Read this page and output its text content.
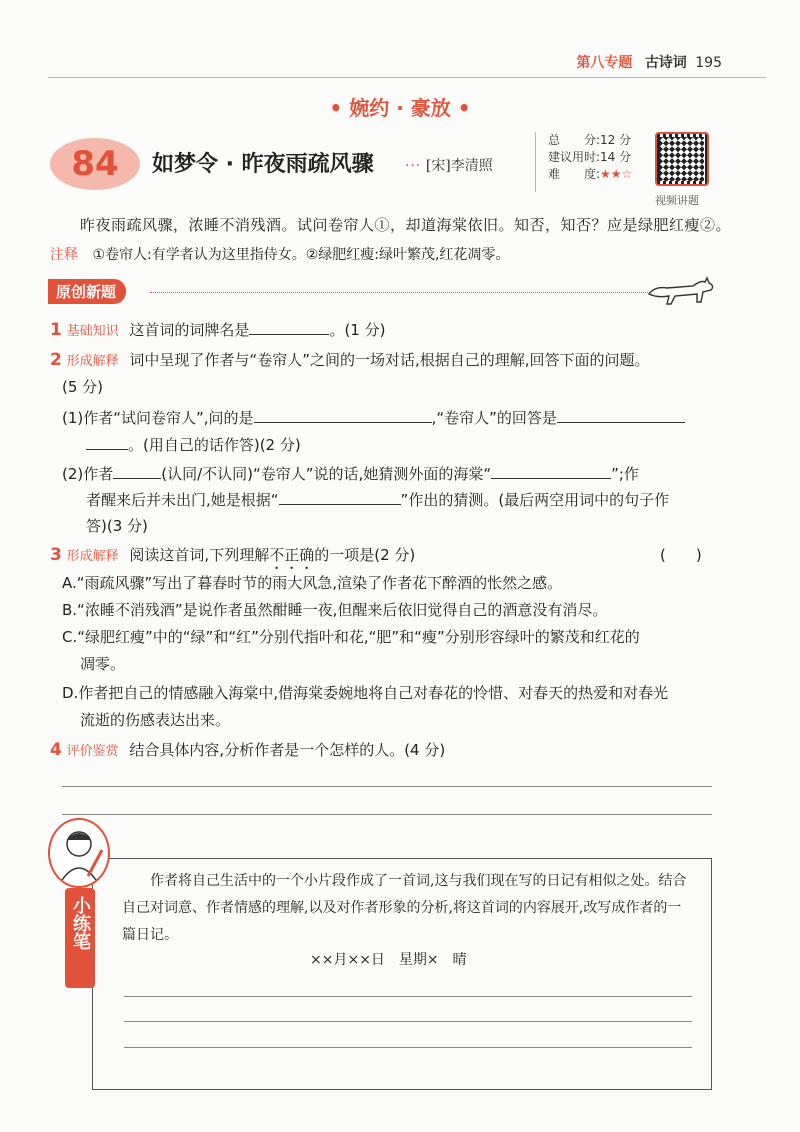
第八专题 古诗词 195
• 婉约 · 豪放 •
84	如梦令 · 昨夜雨疏风骤 ··· [宋]李清照
总　　分:12 分
建议用时:14 分
难　　度:★★☆
视频讲题
昨夜雨疏风骤，浓睡不消残酒。试问卷帘人①，却道海棠依旧。知否，知否？应是绿肥红瘦②。
注释 ①卷帘人:有学者认为这里指侍女。②绿肥红瘦:绿叶繁茂,红花凋零。
原创新题
1 基础知识 这首词的词牌名是	。(1 分)
2 形成解释 词中呈现了作者与“卷帘人”之间的一场对话,根据自己的理解,回答下面的问题。
(5 分)
(1)作者“试问卷帘人”,问的是	,“卷帘人”的回答是
。(用自己的话作答)(2 分)
(2)作者	(认同/不认同)“卷帘人”说的话,她猜测外面的海棠“	”;作
者醒来后并未出门,她是根据“	”作出的猜测。(最后两空用词中的句子作
答)(3 分)
3 形成解释 阅读这首词,下列理解不正确的一项是(2 分)	(　　)
A.“雨疏风骤”写出了暮春时节的雨大风急,渲染了作者花下醉酒的怅然之感。
B.“浓睡不消残酒”是说作者虽然酣睡一夜,但醒来后依旧觉得自己的酒意没有消尽。
C.“绿肥红瘦”中的“绿”和“红”分别代指叶和花,“肥”和“瘦”分别形容绿叶的繁茂和红花的
凋零。
D.作者把自己的情感融入海棠中,借海棠委婉地将自己对春花的怜惜、对春天的热爱和对春光
流逝的伤感表达出来。
4 评价鉴赏 结合具体内容,分析作者是一个怎样的人。(4 分)
小练笔
作者将自己生活中的一个小片段作成了一首词,这与我们现在写的日记有相似之处。结合自己对词意、作者情感的理解,以及对作者形象的分析,将这首词的内容展开,改写成作者的一篇日记。
××月××日　星期×　晴
